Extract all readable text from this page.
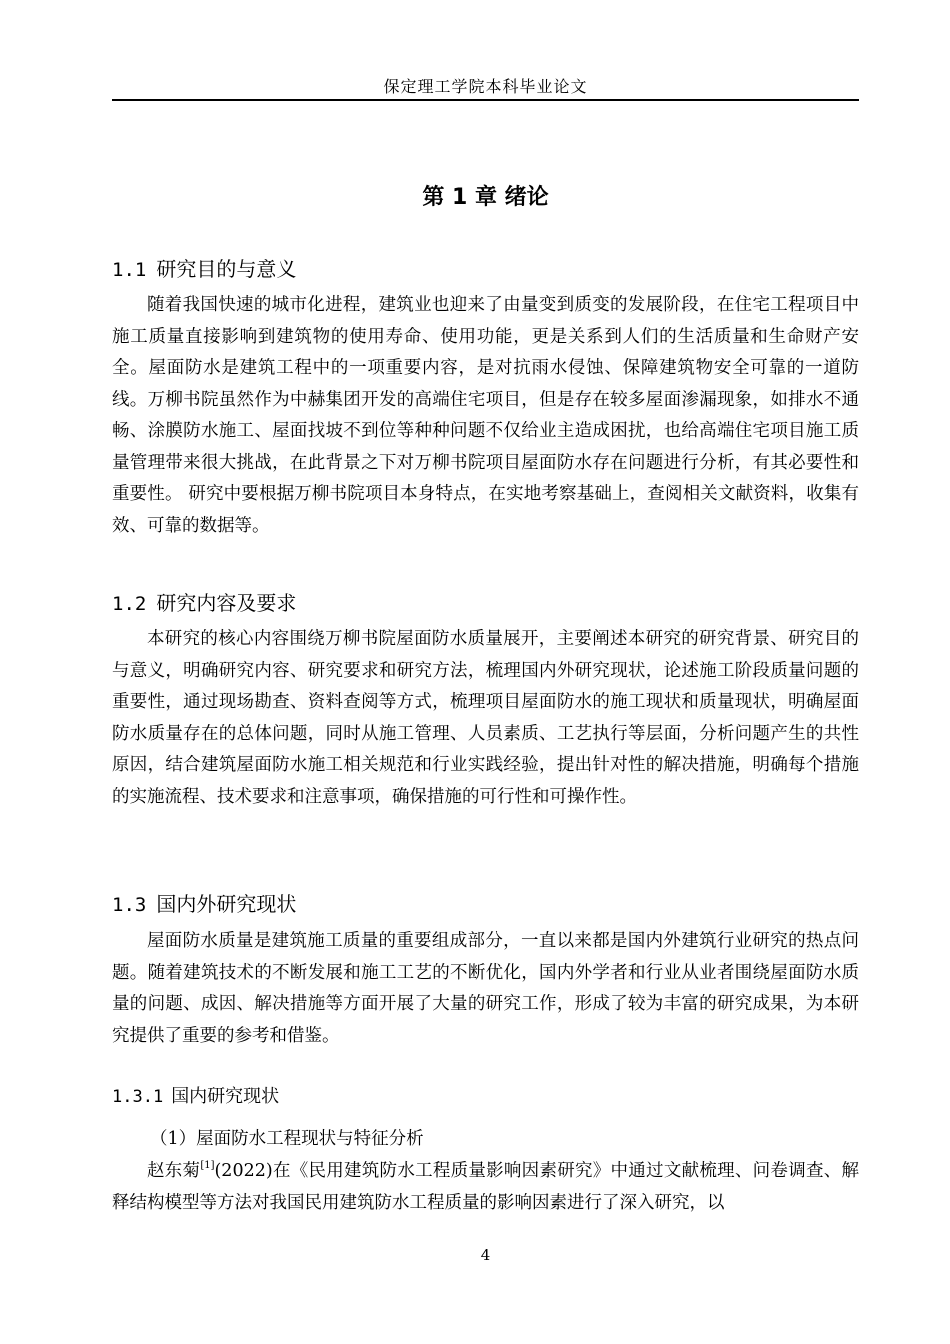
保定理工学院本科毕业论文
第 1 章 绪论
1.1 研究目的与意义

随着我国快速的城市化进程，建筑业也迎来了由量变到质变的发展阶段，在住宅工程项目中施工质量直接影响到建筑物的使用寿命、使用功能，更是关系到人们的生活质量和生命财产安全。屋面防水是建筑工程中的一项重要内容，是对抗雨水侵蚀、保障建筑物安全可靠的一道防线。万柳书院虽然作为中赫集团开发的高端住宅项目，但是存在较多屋面渗漏现象，如排水不通畅、涂膜防水施工、屋面找坡不到位等种种问题不仅给业主造成困扰，也给高端住宅项目施工质量管理带来很大挑战，在此背景之下对万柳书院项目屋面防水存在问题进行分析，有其必要性和重要性。 研究中要根据万柳书院项目本身特点，在实地考察基础上，查阅相关文献资料，收集有效、可靠的数据等。

1.2 研究内容及要求

本研究的核心内容围绕万柳书院屋面防水质量展开，主要阐述本研究的研究背景、研究目的与意义，明确研究内容、研究要求和研究方法，梳理国内外研究现状，论述施工阶段质量问题的重要性，通过现场勘查、资料查阅等方式，梳理项目屋面防水的施工现状和质量现状，明确屋面防水质量存在的总体问题，同时从施工管理、人员素质、工艺执行等层面，分析问题产生的共性原因，结合建筑屋面防水施工相关规范和行业实践经验，提出针对性的解决措施，明确每个措施的实施流程、技术要求和注意事项，确保措施的可行性和可操作性。

1.3 国内外研究现状

屋面防水质量是建筑施工质量的重要组成部分，一直以来都是国内外建筑行业研究的热点问题。随着建筑技术的不断发展和施工工艺的不断优化，国内外学者和行业从业者围绕屋面防水质量的问题、成因、解决措施等方面开展了大量的研究工作，形成了较为丰富的研究成果，为本研究提供了重要的参考和借鉴。

1.3.1 国内研究现状
（1）屋面防水工程现状与特征分析

赵东菊[1](2022)在《民用建筑防水工程质量影响因素研究》中通过文献梳理、问卷调查、解释结构模型等方法对我国民用建筑防水工程质量的影响因素进行了深入研究，以

4
